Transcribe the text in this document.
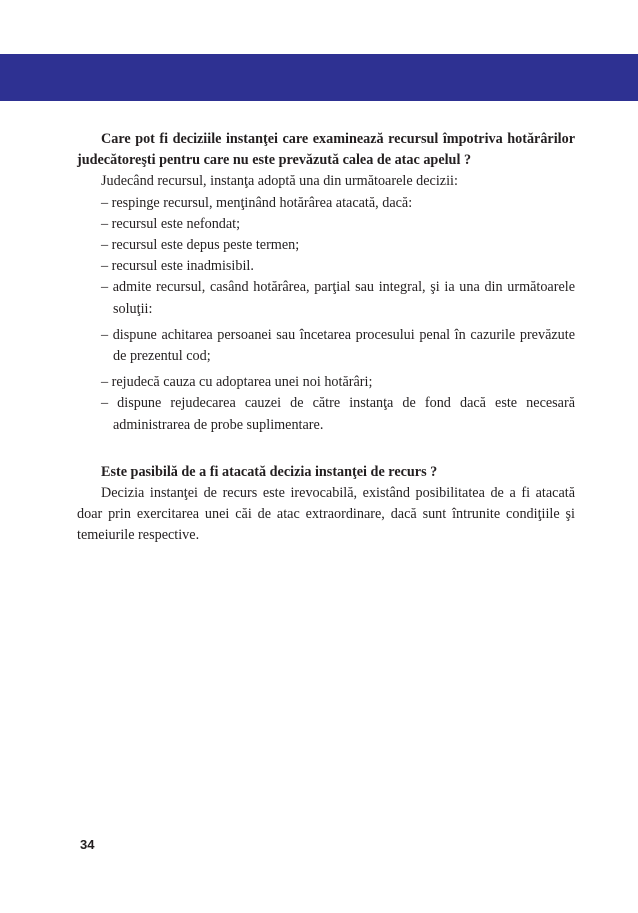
Care pot fi deciziile instanţei care examinează recursul împotriva hotărârilor judecătoreşti pentru care nu este prevăzută calea de atac apelul ?

Judecând recursul, instanţa adoptă una din următoarele decizii:

– respinge recursul, menţinând hotărârea atacată, dacă:

– recursul este nefondat;

– recursul este depus peste termen;

– recursul este inadmisibil.

– admite recursul, casând hotărârea, parţial sau integral, şi ia una din următoarele soluţii:

– dispune achitarea persoanei sau încetarea procesului penal în cazurile prevăzute de prezentul cod;

– rejudecă cauza cu adoptarea unei noi hotărâri;

– dispune rejudecarea cauzei de către instanţa de fond dacă este necesară administrarea de probe suplimentare.

Este pasibilă de a fi atacată decizia instanţei de recurs ?

Decizia instanţei de recurs este irevocabilă, existând posibilitatea de a fi atacată doar prin exercitarea unei căi de atac extraordinare, dacă sunt întrunite condiţiile şi temeiurile respective.

34
